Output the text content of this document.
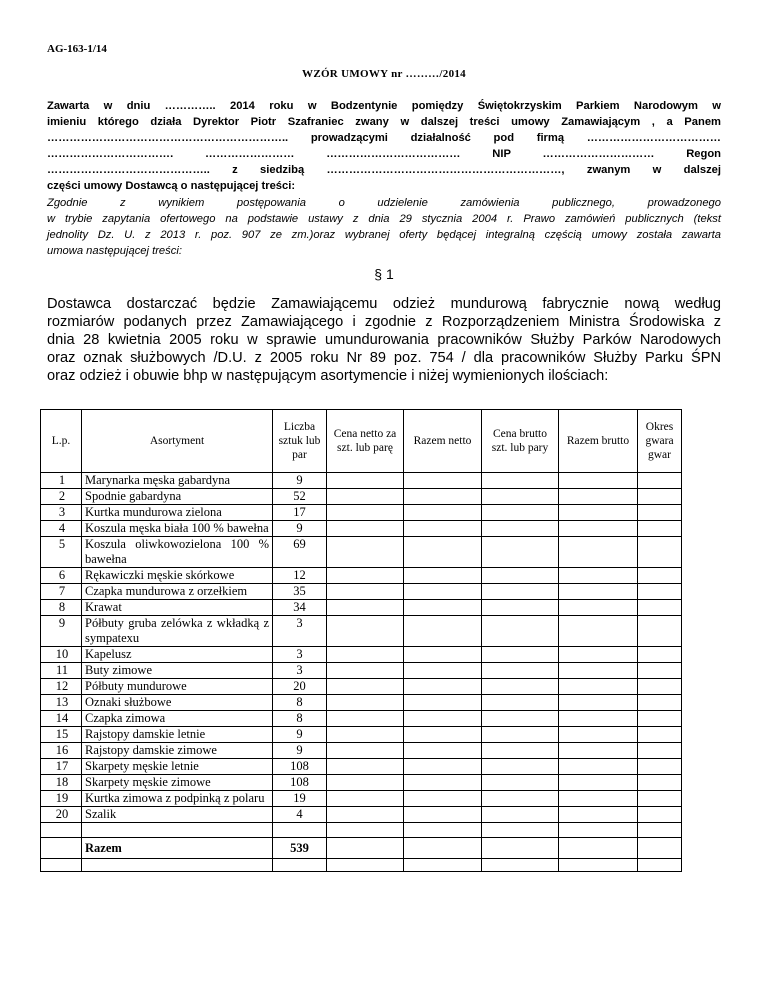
AG-163-1/14
WZÓR UMOWY nr ………/2014
Zawarta w dniu ………….. 2014 roku w Bodzentynie pomiędzy Świętokrzyskim Parkiem Narodowym w
imieniu którego działa Dyrektor Piotr Szafraniec zwany w dalszej treści umowy Zamawiającym , a Panem
……………………………………………………….. prowadzącymi działalność pod firmą ………………………………
……………………………. …………………… ……………………………… NIP ………………………… Regon
…………………………………….. z siedzibą ………………………………………………………, zwanym w dalszej
części umowy Dostawcą o następującej treści:
Zgodnie z wynikiem postępowania o udzielenie zamówienia publicznego, prowadzonego
w trybie zapytania ofertowego na podstawie ustawy z dnia 29 stycznia 2004 r. Prawo zamówień publicznych (tekst
jednolity Dz. U. z 2013 r. poz. 907 ze zm.)oraz wybranej oferty będącej integralną częścią umowy została zawarta
umowa następującej treści:
§ 1
Dostawca dostarczać będzie Zamawiającemu odzież mundurową fabrycznie nową według
rozmiarów podanych przez Zamawiającego i zgodnie z Rozporządzeniem Ministra Środowiska z
dnia 28 kwietnia 2005 roku w sprawie umundurowania pracowników Służby Parków Narodowych
oraz oznak służbowych /D.U. z 2005 roku Nr 89 poz. 754 / dla pracowników Służby Parku ŚPN
oraz odzież i obuwie bhp w następującym asortymencie i niżej wymienionych ilościach:
L.p.	Asortyment	Liczba sztuk lub par	Cena netto za szt. lub parę	Razem netto	Cena brutto szt. lub pary	Razem brutto	Okres gwara gwar
1	Marynarka męska gabardyna	9					
2	Spodnie gabardyna	52					
3	Kurtka mundurowa zielona	17					
4	Koszula męska biała 100 % bawełna	9					
5	Koszula oliwkowozielona 100 % bawełna	69					
6	Rękawiczki męskie skórkowe	12					
7	Czapka mundurowa z orzełkiem	35					
8	Krawat	34					
9	Półbuty gruba zelówka z wkładką z sympatexu	3					
10	Kapelusz	3					
11	Buty zimowe	3					
12	Półbuty mundurowe	20					
13	Oznaki służbowe	8					
14	Czapka zimowa	8					
15	Rajstopy damskie letnie	9					
16	Rajstopy damskie zimowe	9					
17	Skarpety męskie letnie	108					
18	Skarpety męskie zimowe	108					
19	Kurtka zimowa z podpinką z polaru	19					
20	Szalik	4					

	Razem	539					
